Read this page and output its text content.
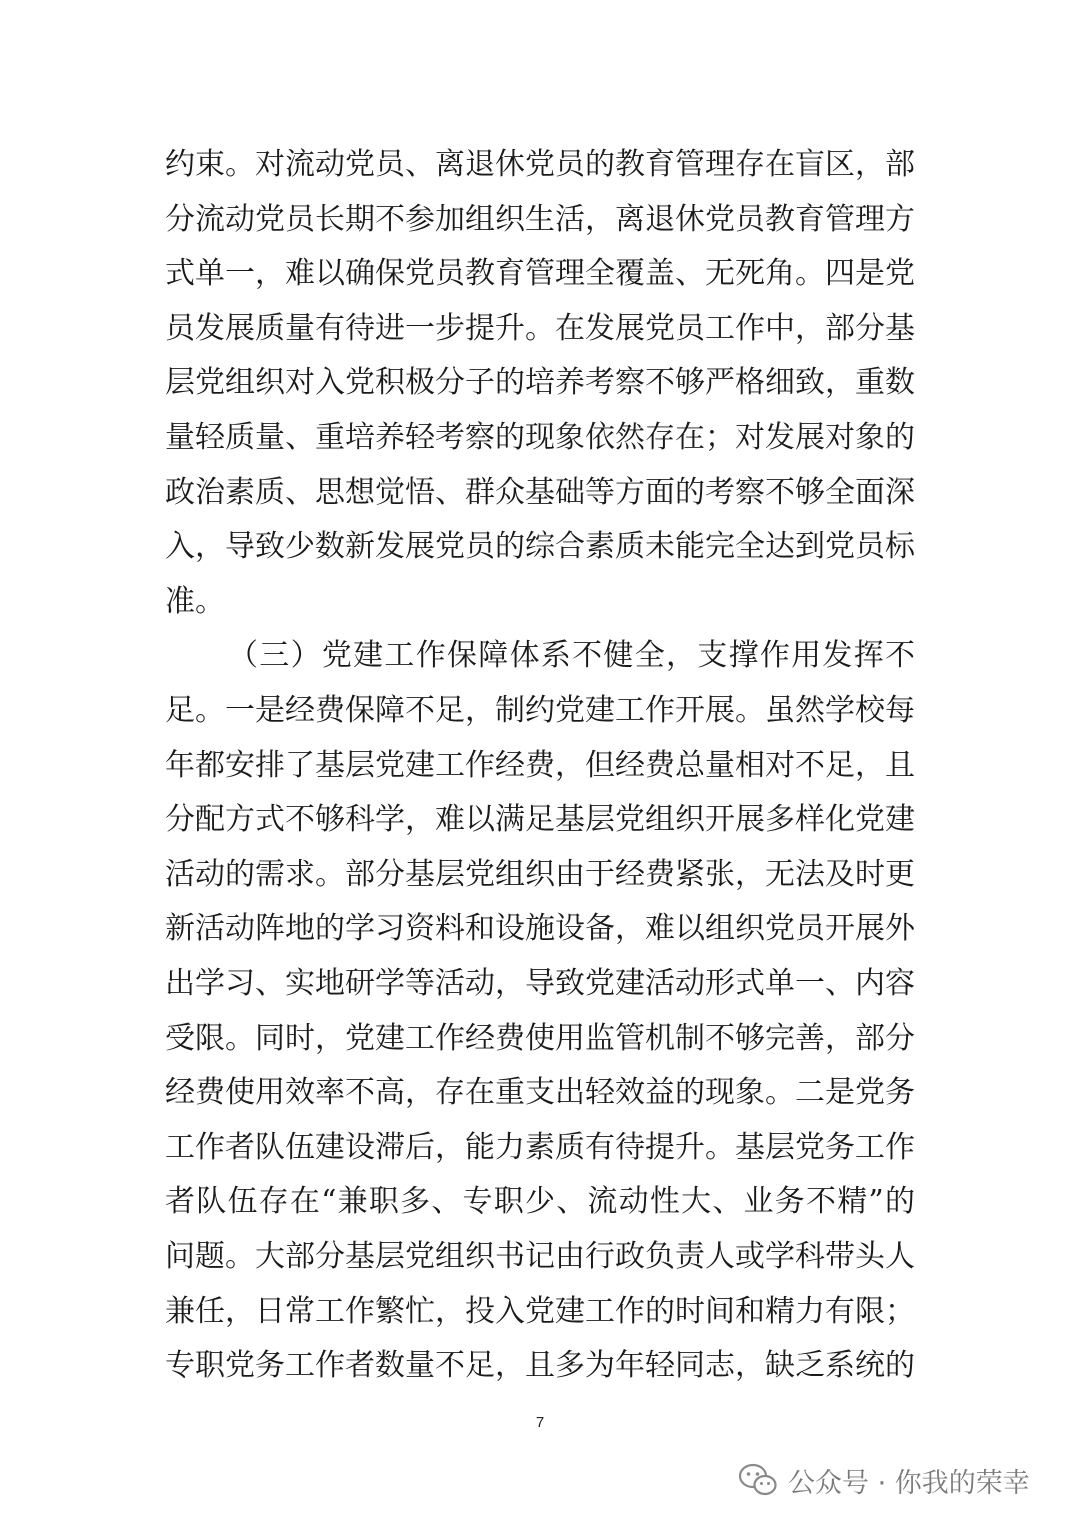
约束。对流动党员、离退休党员的教育管理存在盲区，部
分流动党员长期不参加组织生活，离退休党员教育管理方
式单一，难以确保党员教育管理全覆盖、无死角。四是党
员发展质量有待进一步提升。在发展党员工作中，部分基
层党组织对入党积极分子的培养考察不够严格细致，重数
量轻质量、重培养轻考察的现象依然存在；对发展对象的
政治素质、思想觉悟、群众基础等方面的考察不够全面深
入，导致少数新发展党员的综合素质未能完全达到党员标
准。
（三）党建工作保障体系不健全，支撑作用发挥不
足。一是经费保障不足，制约党建工作开展。虽然学校每
年都安排了基层党建工作经费，但经费总量相对不足，且
分配方式不够科学，难以满足基层党组织开展多样化党建
活动的需求。部分基层党组织由于经费紧张，无法及时更
新活动阵地的学习资料和设施设备，难以组织党员开展外
出学习、实地研学等活动，导致党建活动形式单一、内容
受限。同时，党建工作经费使用监管机制不够完善，部分
经费使用效率不高，存在重支出轻效益的现象。二是党务
工作者队伍建设滞后，能力素质有待提升。基层党务工作
者队伍存在“兼职多、专职少、流动性大、业务不精”的
问题。大部分基层党组织书记由行政负责人或学科带头人
兼任，日常工作繁忙，投入党建工作的时间和精力有限；
专职党务工作者数量不足，且多为年轻同志，缺乏系统的
7
公众号 · 你我的荣幸
